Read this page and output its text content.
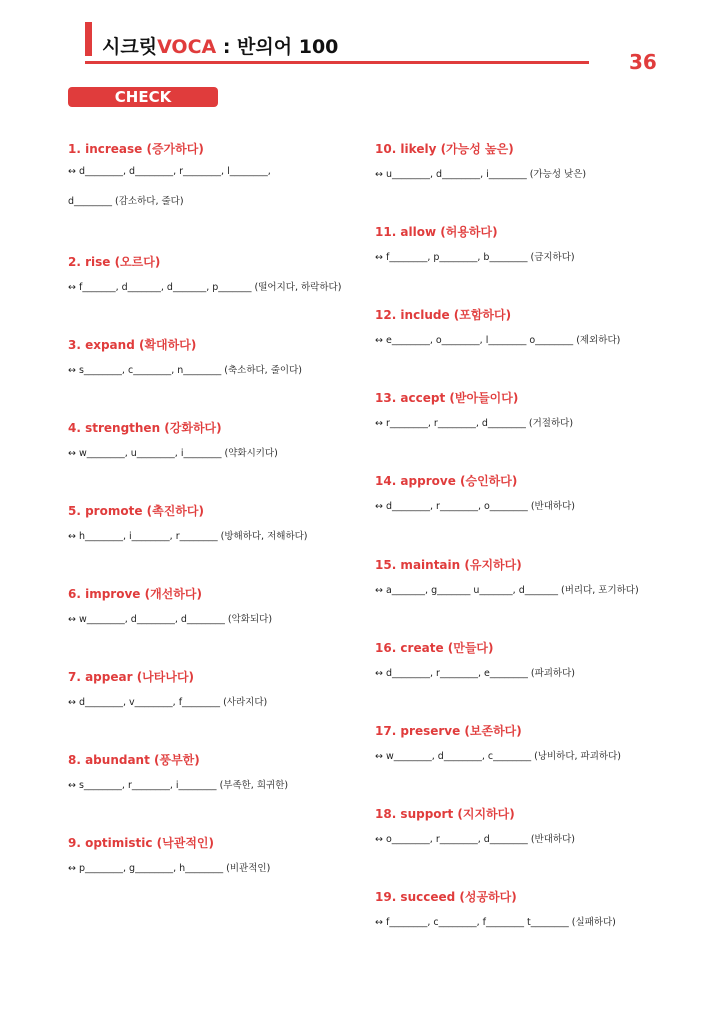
시크릿VOCA : 반의어 100
36
CHECK
1. increase (증가하다)
↔ d________, d________, r________, l________,
d________ (감소하다, 줄다)
2. rise (오르다)
↔ f_______, d_______, d_______, p_______ (떨어지다, 하락하다)
3. expand (확대하다)
↔ s________, c________, n________ (축소하다, 줄이다)
4. strengthen (강화하다)
↔ w________, u________, i________ (약화시키다)
5. promote (촉진하다)
↔ h________, i________, r________ (방해하다, 저해하다)
6. improve (개선하다)
↔ w________, d________, d________ (악화되다)
7. appear (나타나다)
↔ d________, v________, f________ (사라지다)
8. abundant (풍부한)
↔ s________, r________, i________ (부족한, 희귀한)
9. optimistic (낙관적인)
↔ p________, g________, h________ (비관적인)
10. likely (가능성 높은)
↔ u________, d________, i________ (가능성 낮은)
11. allow (허용하다)
↔ f________, p________, b________ (금지하다)
12. include (포함하다)
↔ e________, o________, l________ o________ (제외하다)
13. accept (받아들이다)
↔ r________, r________, d________ (거절하다)
14. approve (승인하다)
↔ d________, r________, o________ (반대하다)
15. maintain (유지하다)
↔ a_______, g_______ u_______, d_______ (버리다, 포기하다)
16. create (만들다)
↔ d________, r________, e________ (파괴하다)
17. preserve (보존하다)
↔ w________, d________, c________ (낭비하다, 파괴하다)
18. support (지지하다)
↔ o________, r________, d________ (반대하다)
19. succeed (성공하다)
↔ f________, c________, f________ t________ (실패하다)
